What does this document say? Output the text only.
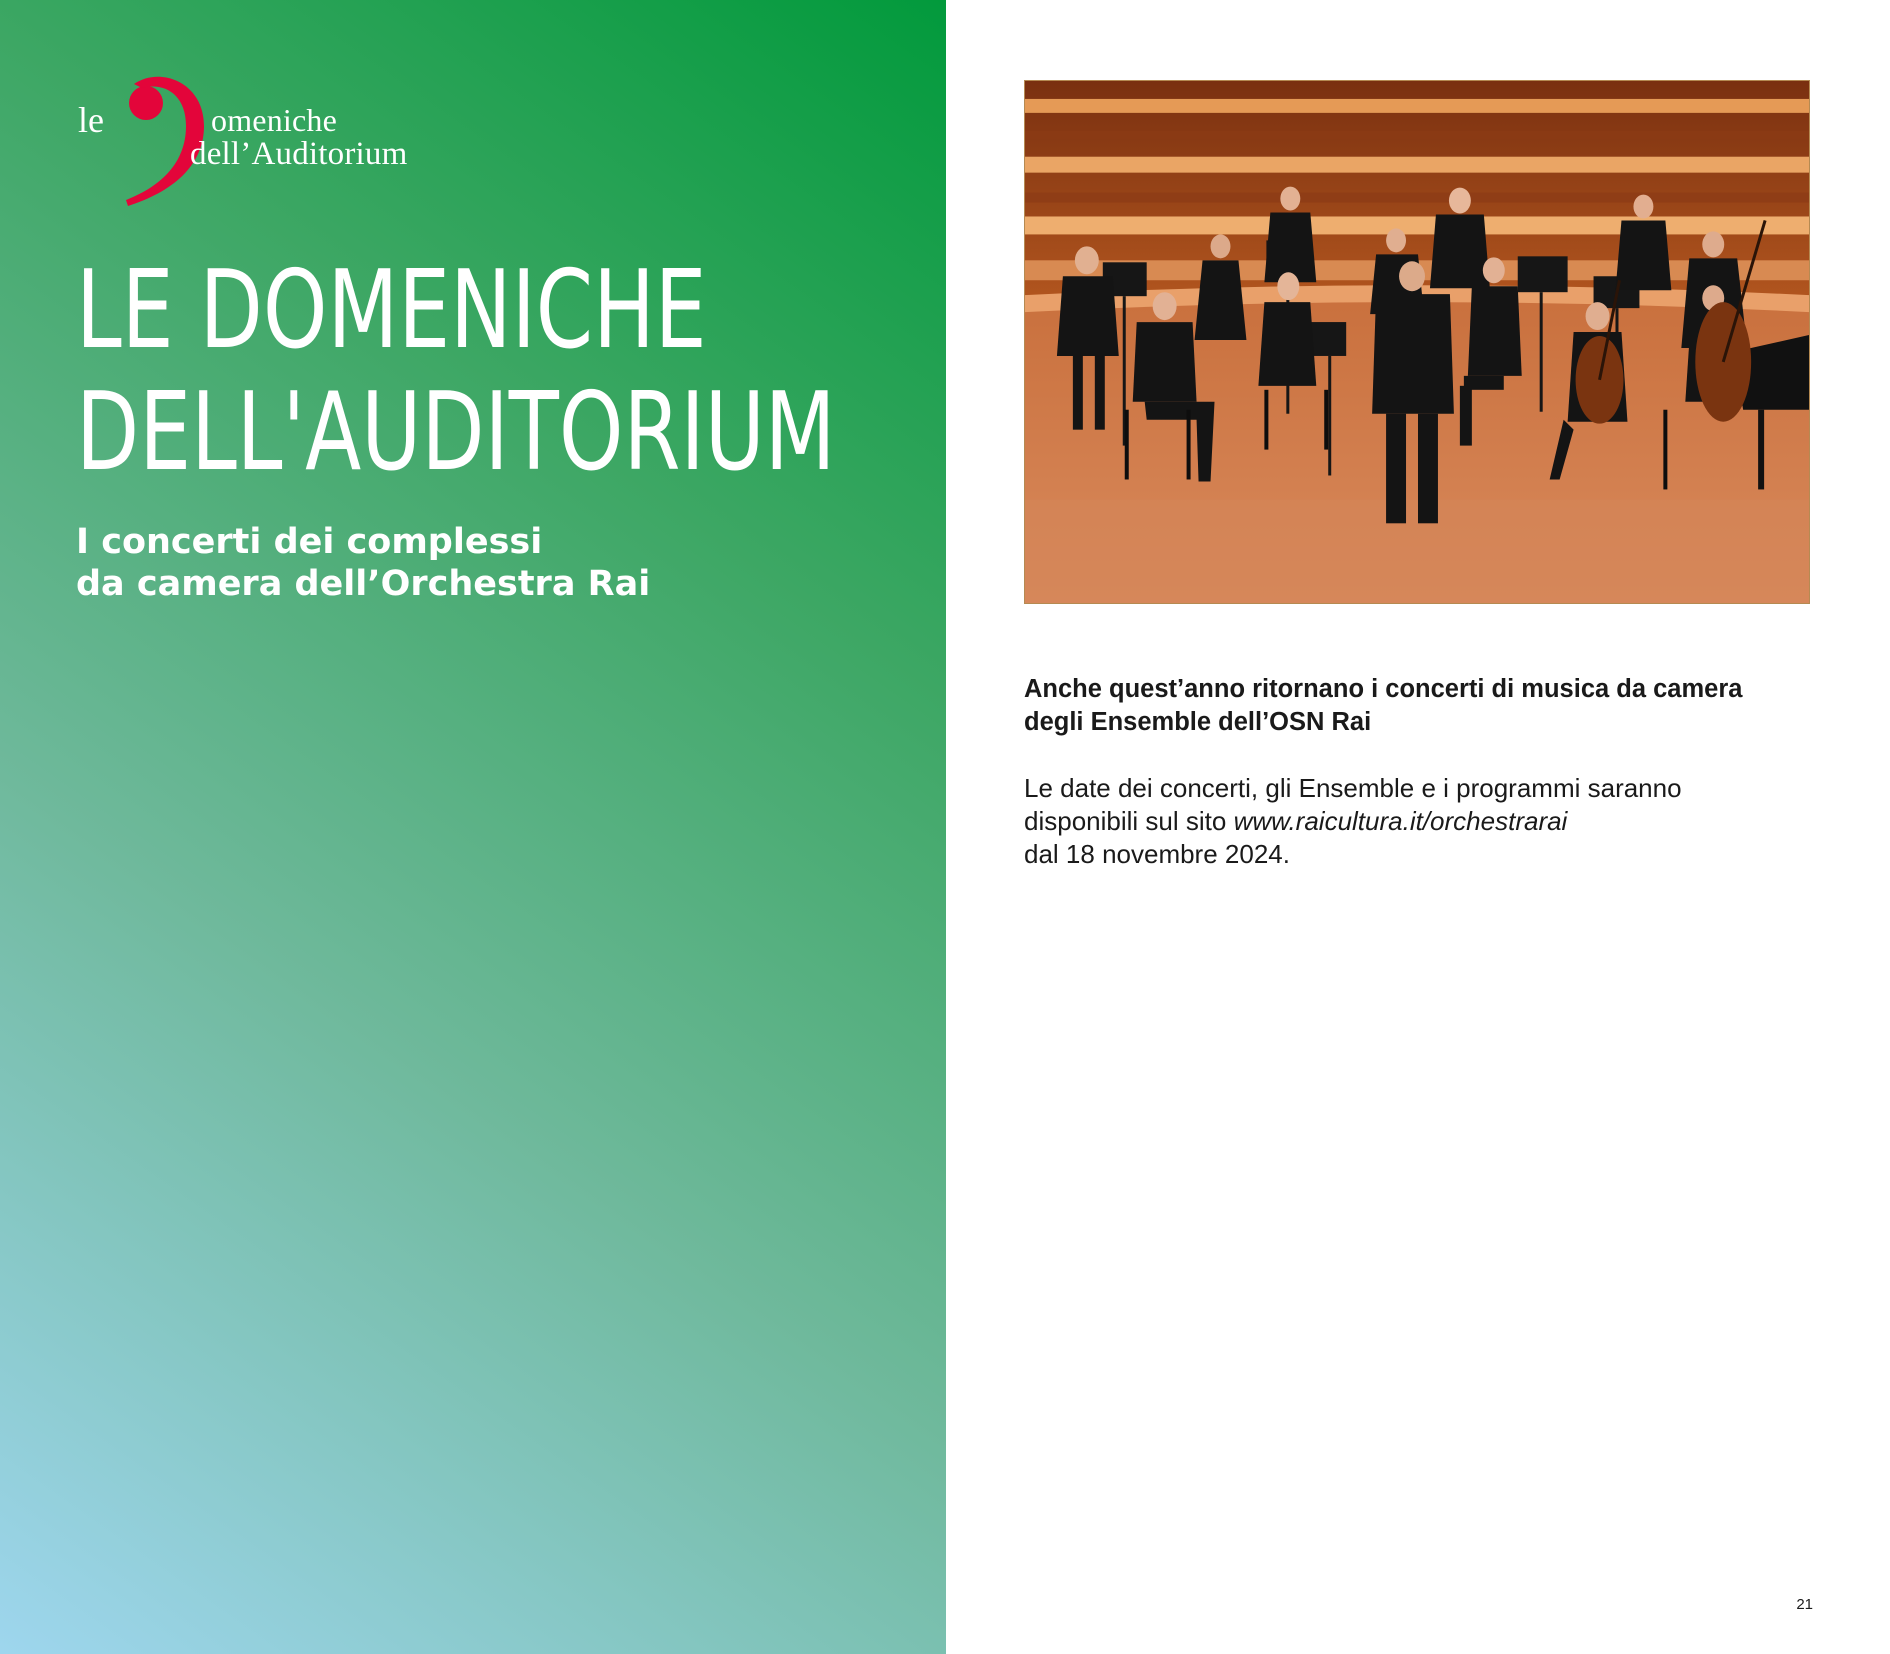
le	omeniche
dell’Auditorium
LE DOMENICHE
DELL'AUDITORIUM
I concerti dei complessi
da camera dell’Orchestra Rai
Anche quest’anno ritornano i concerti di musica da camera
degli Ensemble dell’OSN Rai
Le date dei concerti, gli Ensemble e i programmi saranno
disponibili sul sito www.raicultura.it/orchestrarai
dal 18 novembre 2024.
21
